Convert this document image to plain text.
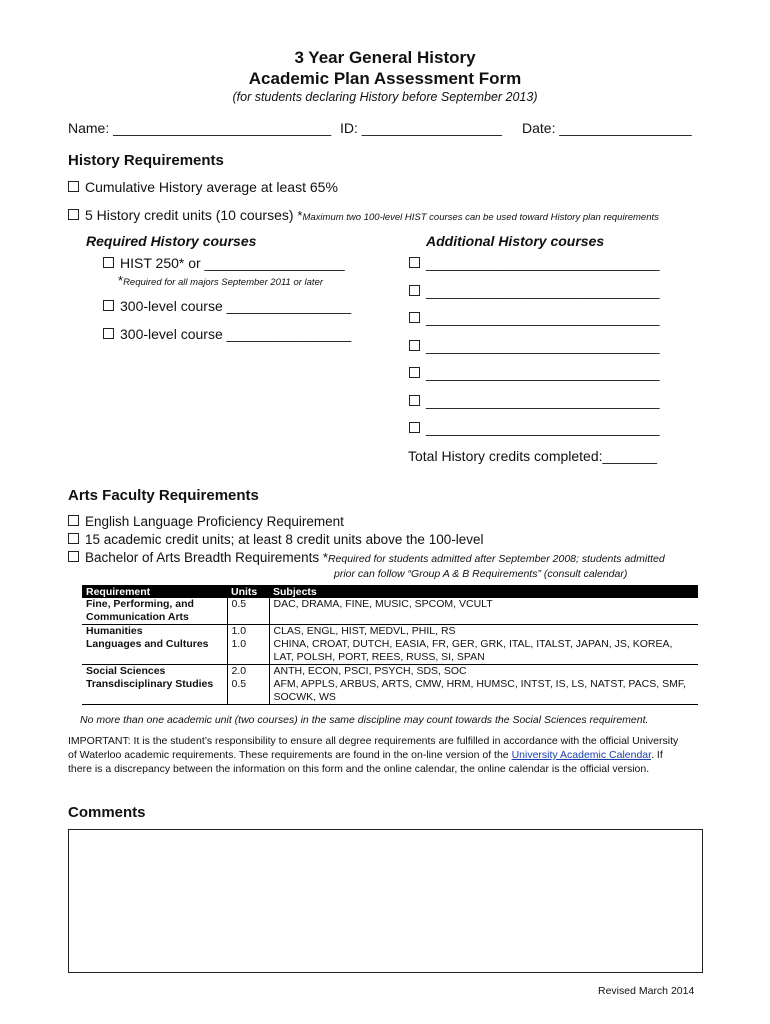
3 Year General History
Academic Plan Assessment Form
(for students declaring History before September 2013)
Name: ____________________________ ID: __________________ Date: _________________
History Requirements
Cumulative History average at least 65%
5 History credit units (10 courses) *Maximum two 100-level HIST courses can be used toward History plan requirements
Required History courses	Additional History courses
HIST 250* or __________________
*Required for all majors September 2011 or later
300-level course ________________
300-level course ________________
______________________________
______________________________
______________________________
______________________________
______________________________
______________________________
______________________________
Total History credits completed:_______
Arts Faculty Requirements
English Language Proficiency Requirement
15 academic credit units; at least 8 credit units above the 100-level
Bachelor of Arts Breadth Requirements *Required for students admitted after September 2008; students admitted
prior can follow “Group A & B Requirements” (consult calendar)
Requirement	Units	Subjects
Fine, Performing, and Communication Arts	0.5	DAC, DRAMA, FINE, MUSIC, SPCOM, VCULT
Humanities	1.0	CLAS, ENGL, HIST, MEDVL, PHIL, RS
Languages and Cultures	1.0	CHINA, CROAT, DUTCH, EASIA, FR, GER, GRK, ITAL, ITALST, JAPAN, JS, KOREA, LAT, POLSH, PORT, REES, RUSS, SI, SPAN
Social Sciences	2.0	ANTH, ECON, PSCI, PSYCH, SDS, SOC
Transdisciplinary Studies	0.5	AFM, APPLS, ARBUS, ARTS, CMW, HRM, HUMSC, INTST, IS, LS, NATST, PACS, SMF, SOCWK, WS
No more than one academic unit (two courses) in the same discipline may count towards the Social Sciences requirement.
IMPORTANT: It is the student’s responsibility to ensure all degree requirements are fulfilled in accordance with the official University of Waterloo academic requirements. These requirements are found in the on-line version of the University Academic Calendar. If there is a discrepancy between the information on this form and the online calendar, the online calendar is the official version.
Comments
Revised March 2014
